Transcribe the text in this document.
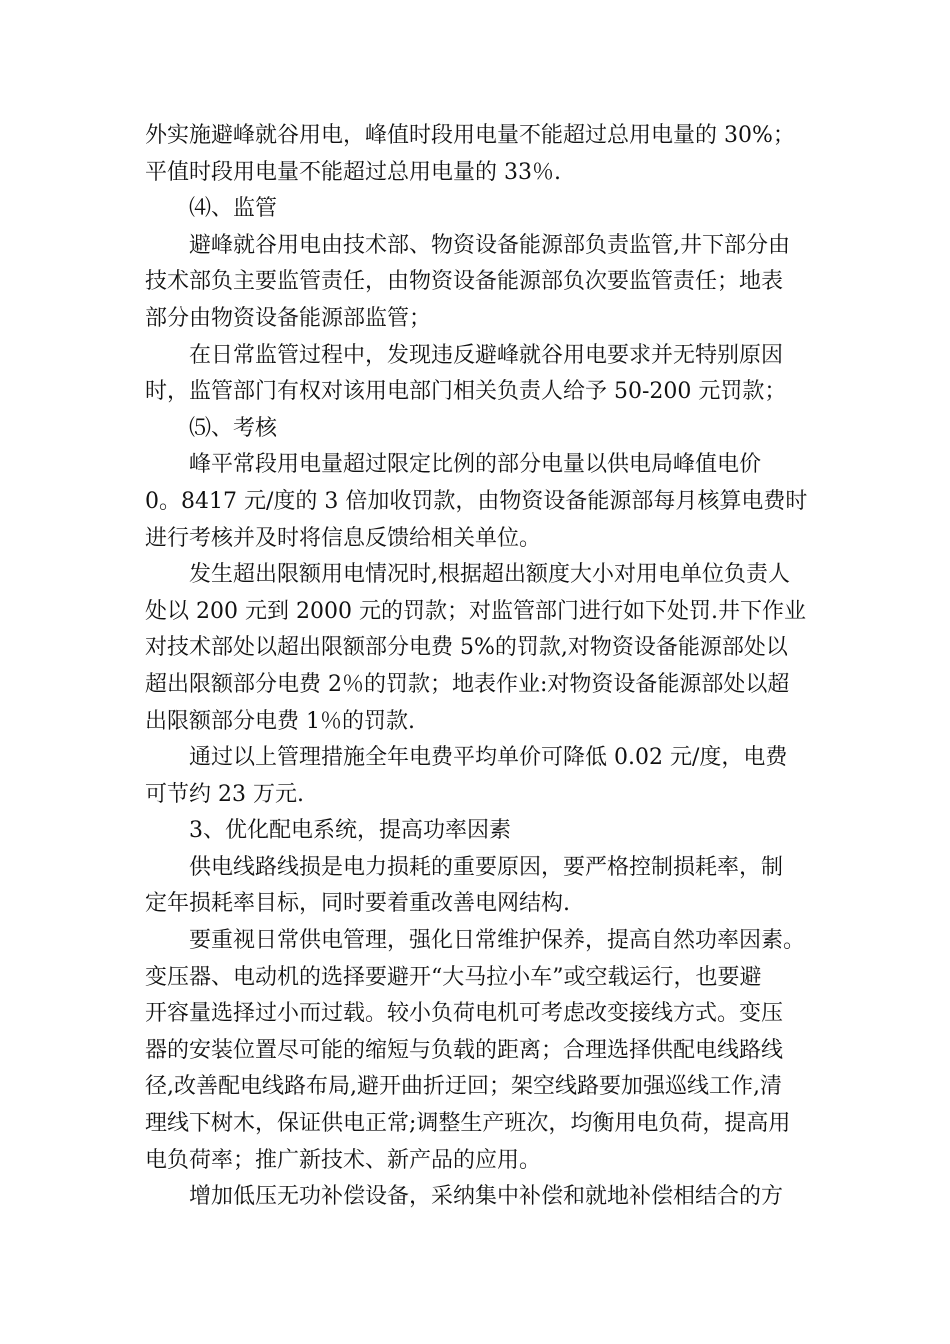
外实施避峰就谷用电，峰值时段用电量不能超过总用电量的 30%；
平值时段用电量不能超过总用电量的 33％.
⑷、监管
避峰就谷用电由技术部、物资设备能源部负责监管,井下部分由
技术部负主要监管责任，由物资设备能源部负次要监管责任；地表
部分由物资设备能源部监管；
在日常监管过程中，发现违反避峰就谷用电要求并无特别原因
时，监管部门有权对该用电部门相关负责人给予 50-200 元罚款；
⑸、考核
峰平常段用电量超过限定比例的部分电量以供电局峰值电价
0。8417 元/度的 3 倍加收罚款，由物资设备能源部每月核算电费时
进行考核并及时将信息反馈给相关单位。
发生超出限额用电情况时,根据超出额度大小对用电单位负责人
处以 200 元到 2000 元的罚款；对监管部门进行如下处罚.井下作业
对技术部处以超出限额部分电费 5%的罚款,对物资设备能源部处以
超出限额部分电费 2％的罚款；地表作业:对物资设备能源部处以超
出限额部分电费 1％的罚款.
通过以上管理措施全年电费平均单价可降低 0.02 元/度，电费
可节约 23 万元.
3、优化配电系统，提高功率因素
供电线路线损是电力损耗的重要原因，要严格控制损耗率，制
定年损耗率目标，同时要着重改善电网结构.
要重视日常供电管理，强化日常维护保养，提高自然功率因素。
变压器、电动机的选择要避开“大马拉小车”或空载运行，也要避
开容量选择过小而过载。较小负荷电机可考虑改变接线方式。变压
器的安装位置尽可能的缩短与负载的距离；合理选择供配电线路线
径,改善配电线路布局,避开曲折迂回；架空线路要加强巡线工作,清
理线下树木，保证供电正常;调整生产班次，均衡用电负荷，提高用
电负荷率；推广新技术、新产品的应用。
增加低压无功补偿设备，采纳集中补偿和就地补偿相结合的方
